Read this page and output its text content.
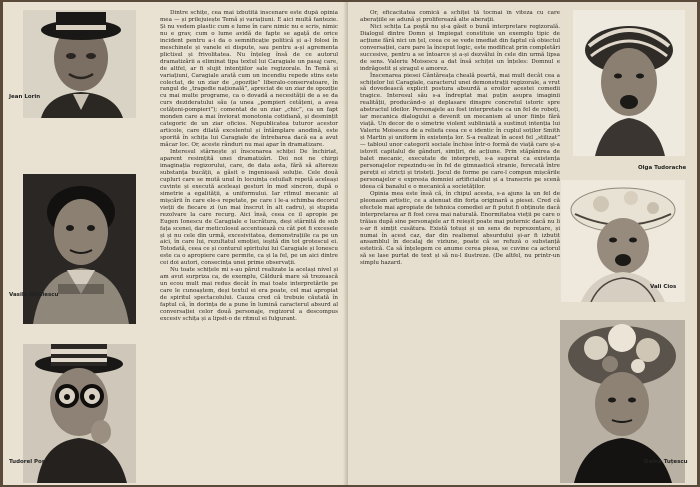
Jean Lorin
Vasile Nițulescu
Tudorel Popa

Dintre schițe, cea mai izbutită înscenare este după opinia mea — și prilejuiește Temă și variațiuni. E aici multă fantezie. Și nu vedem plastic cum e lume în care nimic nu e scris, nimic nu e grav, cum o lume avidă de fapte se agață de orice incident pentru a-i da o semnificație politică și a-l folosi în meschinele și vanele ei dispute, sau pentru a-și agrementa plictisul și frivolitatea. Nu înțeleg însă de ce autorul dramatizării a eliminat tipa textul lui Caragiale un pasaj care, de altfel, ar fi slujit intențiilor sale regizorale. În Temă și variațiuni, Caragiale arată cum un incendiu repede stins este colectat, de un ziar de „opoziție” liberalo-conservatoare, în rangul de „tragedie națională”, apreciat de un ziar de opoziție cu mai multe programe, ca o dovadă a necesității de a se da curs dezideratului său (a unea „pompieri cetățeni, a avea cetățeni-pompieri”); comentat de un ziar „chic”, ca un fapt monden care a mai înviorat monotonia cotidiană, și desmințit categoric de un ziar oficios. Nepublicatea tuturor acestor articole, care dilată excelentul și întâmplare anodină, este sporită în schița lui Caragiale de întrebarea dacă ea a avut măcar loc. Or, aceste rânduri nu mai apar în dramatizare.

Interesul stârnește și înscenarea schiței De închiriat, aparent resimțită unei dramatizări. Doi noi ne chirgi imaginația regizorului, care, de data asta, fără să altereze substanța bucății, a găsit o ingenioasă soluție. Cele două cupluri care se mută unul în locuința celuilalt repetă aceleași cuvinte și execută aceleași gesturi în mod sincron, după o simetrie a egalității, a uniformului. Iar ritmul mecanic al mișcării în care ele-s repetate, pe care i le-a schimba decorul vieții de fiecare zi (un mai înscrut în alt cadru), și stupida rezolvare la care recurg. Aici însă, ceea ce il apropie pe Eugen Ionescu de Caragiale e lucrătura, deși stârnită de sub fața scenei, dar meticulosul accentuează cu cât pot fi excesele și și nu cele din urmă, excesivitatea, demonstrațiile ca pe un aici, în care lui, rezultatul emoției, ieșită din tot grotescul ei. Totodată, ceea ce și conturul spiritului lui Caragiale și Ionescu este ca o apropiere care permite, ca și la fel, pe un aici dintre cei doi autori, consecința unei prime observații.

Nu toate schițele mi s-au părut realizate la același nivel și am avut surpriza ca, de exemplu, Căldură mare să trezească un ecou mult mai redus decât în mai toate interpretările pe care le cunoaștem, deși textul ei era poate, cel mai apropiat de spiritul spectacolului. Cauza cred că trebuie căutată în faptul că, în dorința de a pune în lumină caracterul absurd al conversației celor două personaje, regizorul a descompus excesiv schița și a lipsit-o de ritmul ei fulgurant.

Or, eficacitatea comică a schiței tă tocmai în viteza cu care aberațiile se adună și proliferează alte aberații.

Nici schița La poștă nu și-a găsit o bună interpretare regizorală. Dialogul dintre Domn și Impiegat constituie un exemplu tipic de acțiune fără nici un țel, ceea ce se vede imediat din faptul că obiectul conversației, care pare la început logic, este modificat prin completări succesive, pentru a se întoarce și a-și dezvălui în cele din urmă lipsa de sens. Valeriu Moisescu a dat însă schiței un înțeles: Domnul e indrăgostit și șiragul e amorez.

Înscenarea piesei Cântăreața cheală poartă, mai mult decât cea a schițelor lui Caragiale, caracterul unei demonstrații regizorale, a vrut să dovedească explicit postura absurdă a eroilor acestei comedii tragice. Interesul său s-a îndreptat mai puțin asupra imaginii realității, producând-o și deplasare dinspre concretul istoric spre abstractul ideilor. Personajele au fost interpretate ca un fel de roboți, iar mecanica dialogului a devenit un mecanism al unor ființe fără viață. Un decor de o simetrie violent subliniată a sustinut intenția lui Valeriu Moisescu de a reliefa ceea ce e identic în cuplul soților Smith și Martin și uniform în existența lor. S-a realizat în acest fel „stilizat” — tabloul unor categorii sociale închise într-o formă de viață care și-a istovit capitalul de gânduri, simțiri, de acțiune. Prin stăpânirea de balet mecanic, executate de interpreți, s-a sugerat ca existența personajelor repezindu-se în fel de gimnastică stranie, ferecată între pereții ei stricți și tristeți. Jocul de forme pe care-l compun mișcările personajelor e expresia domniei artificialului și a transcrie pe scenă ideea că banalul e o mecanică a societăților.

Opinia mea este însă că, în chipul acesta, s-a ajuns la un fel de pleonasm artistic, ce a atenuat din forța originară a piesei. Cred că efectele mai apropiate de tehnica comediei ar fi putut fi obținute dacă interpretarea ar fi fost ceva mai naturală. Enormitatea vieții pe care o trăiau după sine personajele ar fi reieșit poate mai puternic dacă nu li s-ar fi simțit cusătura. Există totuși și un sens de reprezentare, și numai în acest caz, dar din realismul absurdului și-ar fi izbutit ansamblul în decalaj de viziune, poate că se refuză o substanță estetică. Ca să înțelegem ce anume cerea piesa, se cuvine ca actorul să se lase purtat de text și să nu-l ilustreze. (De altfel, nu printr-un simplu hazard.

Olga Tudorache
Vali Cios
Daina Tuțescu
